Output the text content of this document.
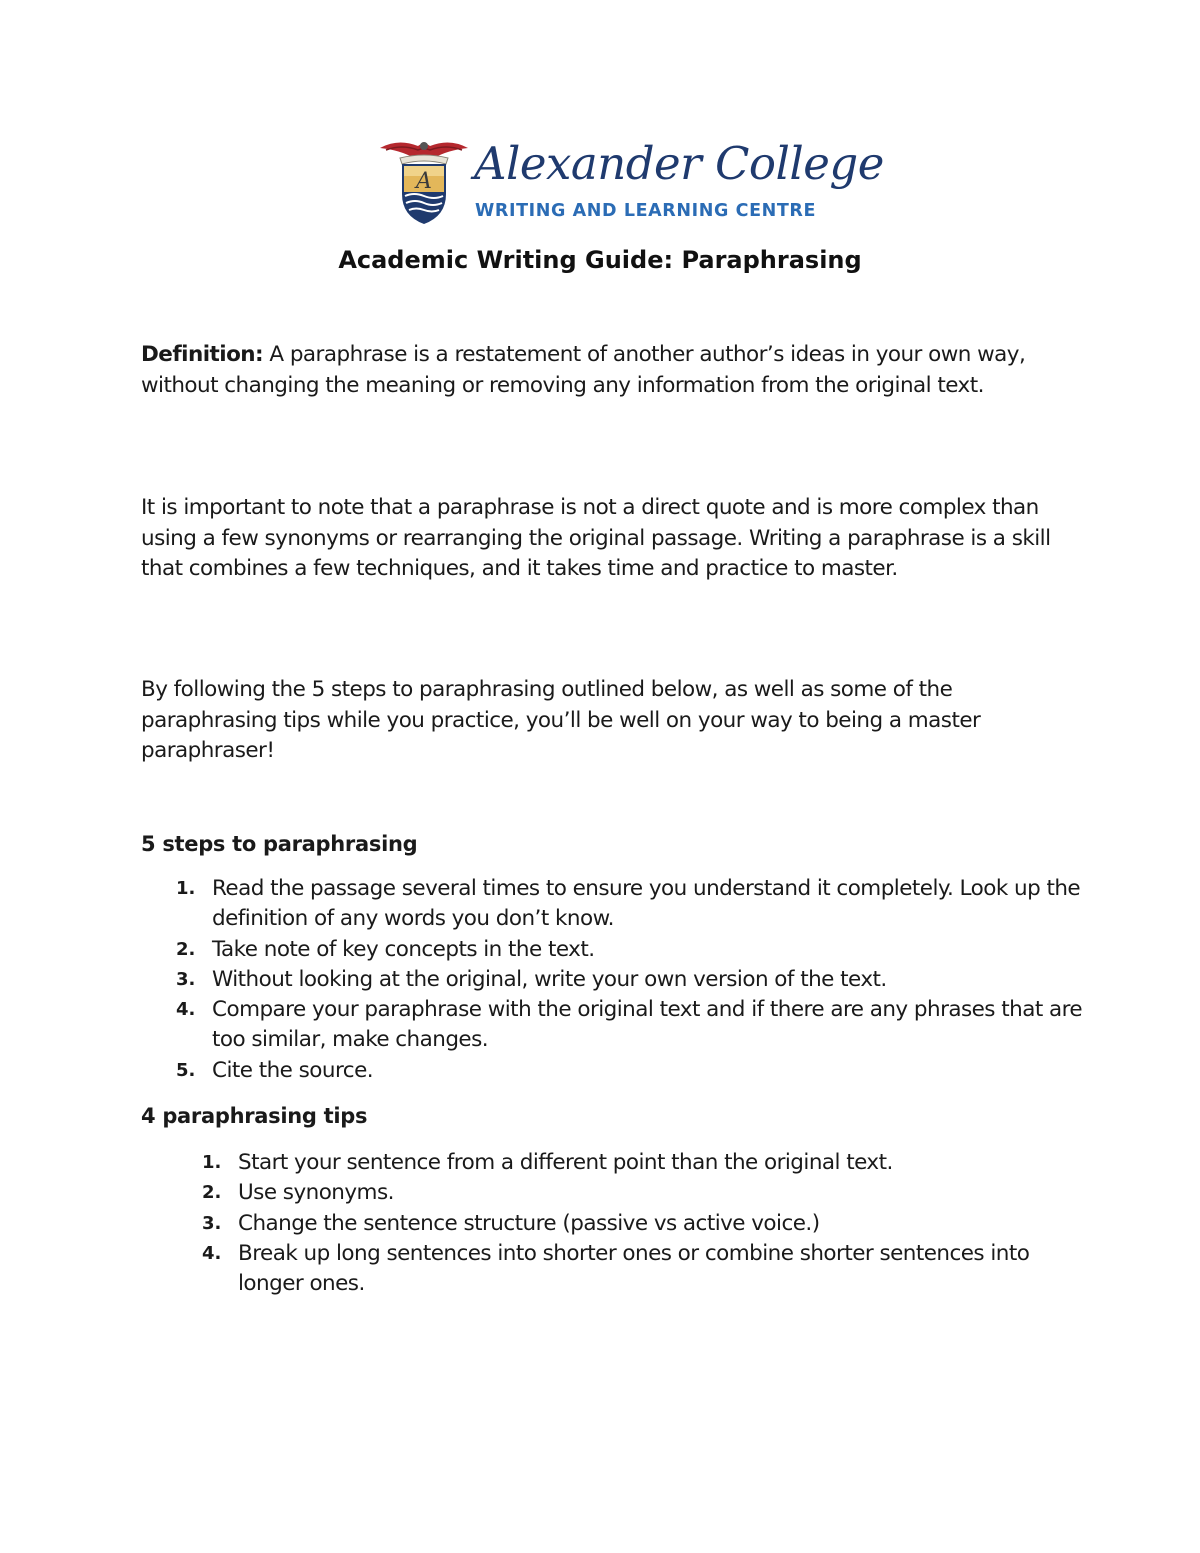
A Alexander College
WRITING AND LEARNING CENTRE
Academic Writing Guide: Paraphrasing
Definition: A paraphrase is a restatement of another author’s ideas in your own way, without changing the meaning or removing any information from the original text.
It is important to note that a paraphrase is not a direct quote and is more complex than using a few synonyms or rearranging the original passage. Writing a paraphrase is a skill that combines a few techniques, and it takes time and practice to master.
By following the 5 steps to paraphrasing outlined below, as well as some of the paraphrasing tips while you practice, you’ll be well on your way to being a master paraphraser!
5 steps to paraphrasing
1. Read the passage several times to ensure you understand it completely. Look up the definition of any words you don’t know.
2. Take note of key concepts in the text.
3. Without looking at the original, write your own version of the text.
4. Compare your paraphrase with the original text and if there are any phrases that are too similar, make changes.
5. Cite the source.
4 paraphrasing tips
1. Start your sentence from a different point than the original text.
2. Use synonyms.
3. Change the sentence structure (passive vs active voice.)
4. Break up long sentences into shorter ones or combine shorter sentences into longer ones.
